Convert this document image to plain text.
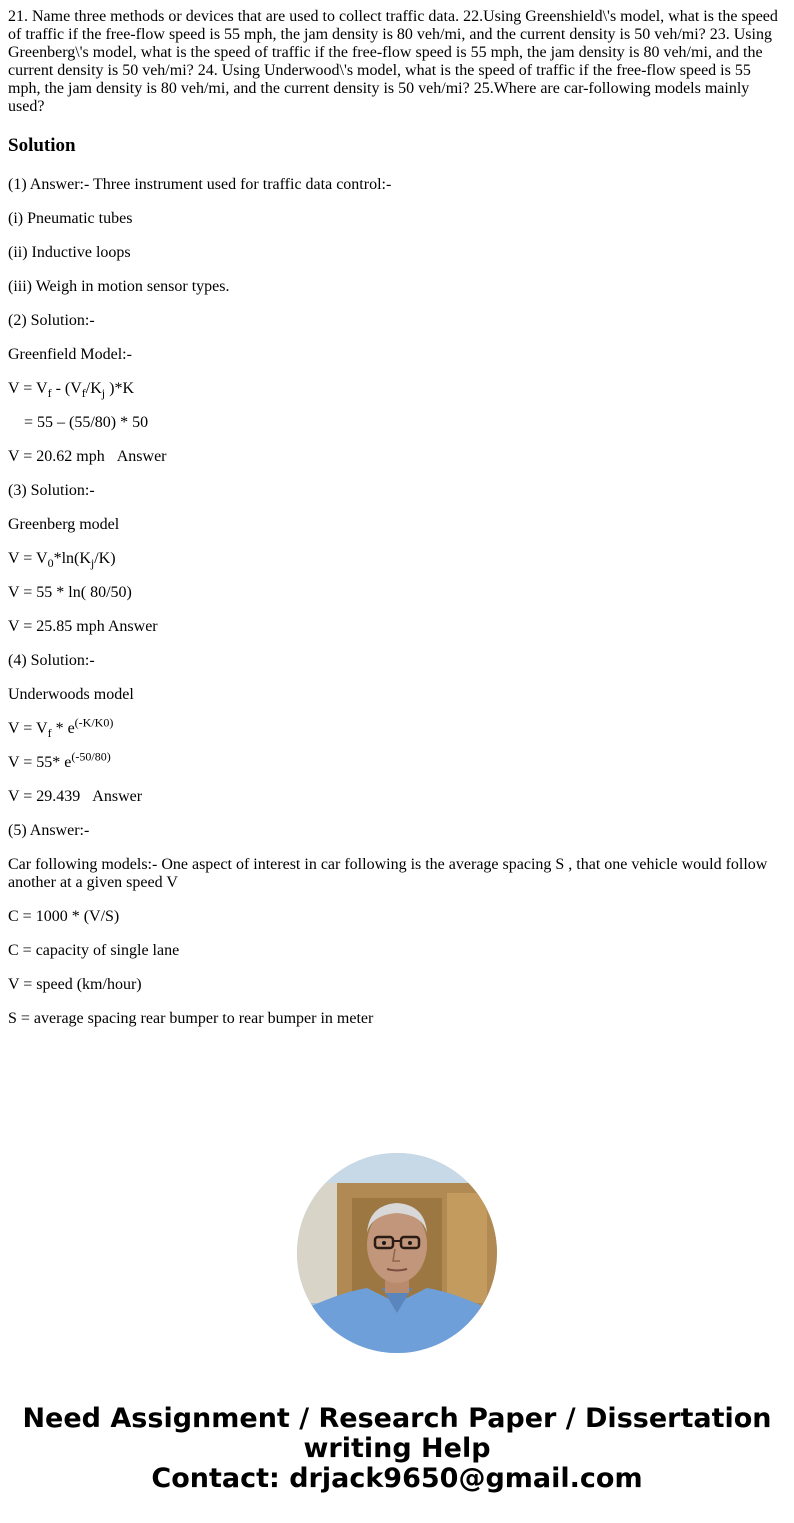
21. Name three methods or devices that are used to collect traffic data. 22.Using Greenshield\'s model, what is the speed of traffic if the free-flow speed is 55 mph, the jam density is 80 veh/mi, and the current density is 50 veh/mi? 23. Using Greenberg\'s model, what is the speed of traffic if the free-flow speed is 55 mph, the jam density is 80 veh/mi, and the current density is 50 veh/mi? 24. Using Underwood\'s model, what is the speed of traffic if the free-flow speed is 55 mph, the jam density is 80 veh/mi, and the current density is 50 veh/mi? 25.Where are car-following models mainly used?

Solution

(1) Answer:- Three instrument used for traffic data control:-

(i) Pneumatic tubes

(ii) Inductive loops

(iii) Weigh in motion sensor types.

(2) Solution:-

Greenfield Model:-

$V = V_f - (V_f/K_j$ )*K

= 55 – (55/80) * 50

V = 20.62 mph Answer

(3) Solution:-

Greenberg model

$V = V_0*\ln(K_j/K)$

V = 55 * ln( 80/50)

V = 25.85 mph Answer

(4) Solution:-

Underwoods model

$V = V_f * e^{(-K/K0)}$

V = 55* $e^{(-50/80)}$

V = 29.439 Answer

(5) Answer:-

Car following models:- One aspect of interest in car following is the average spacing S , that one vehicle would follow another at a given speed V

C = 1000 * (V/S)

C = capacity of single lane

V = speed (km/hour)

S = average spacing rear bumper to rear bumper in meter

Need Assignment / Research Paper / Dissertation
writing Help
Contact: drjack9650@gmail.com
